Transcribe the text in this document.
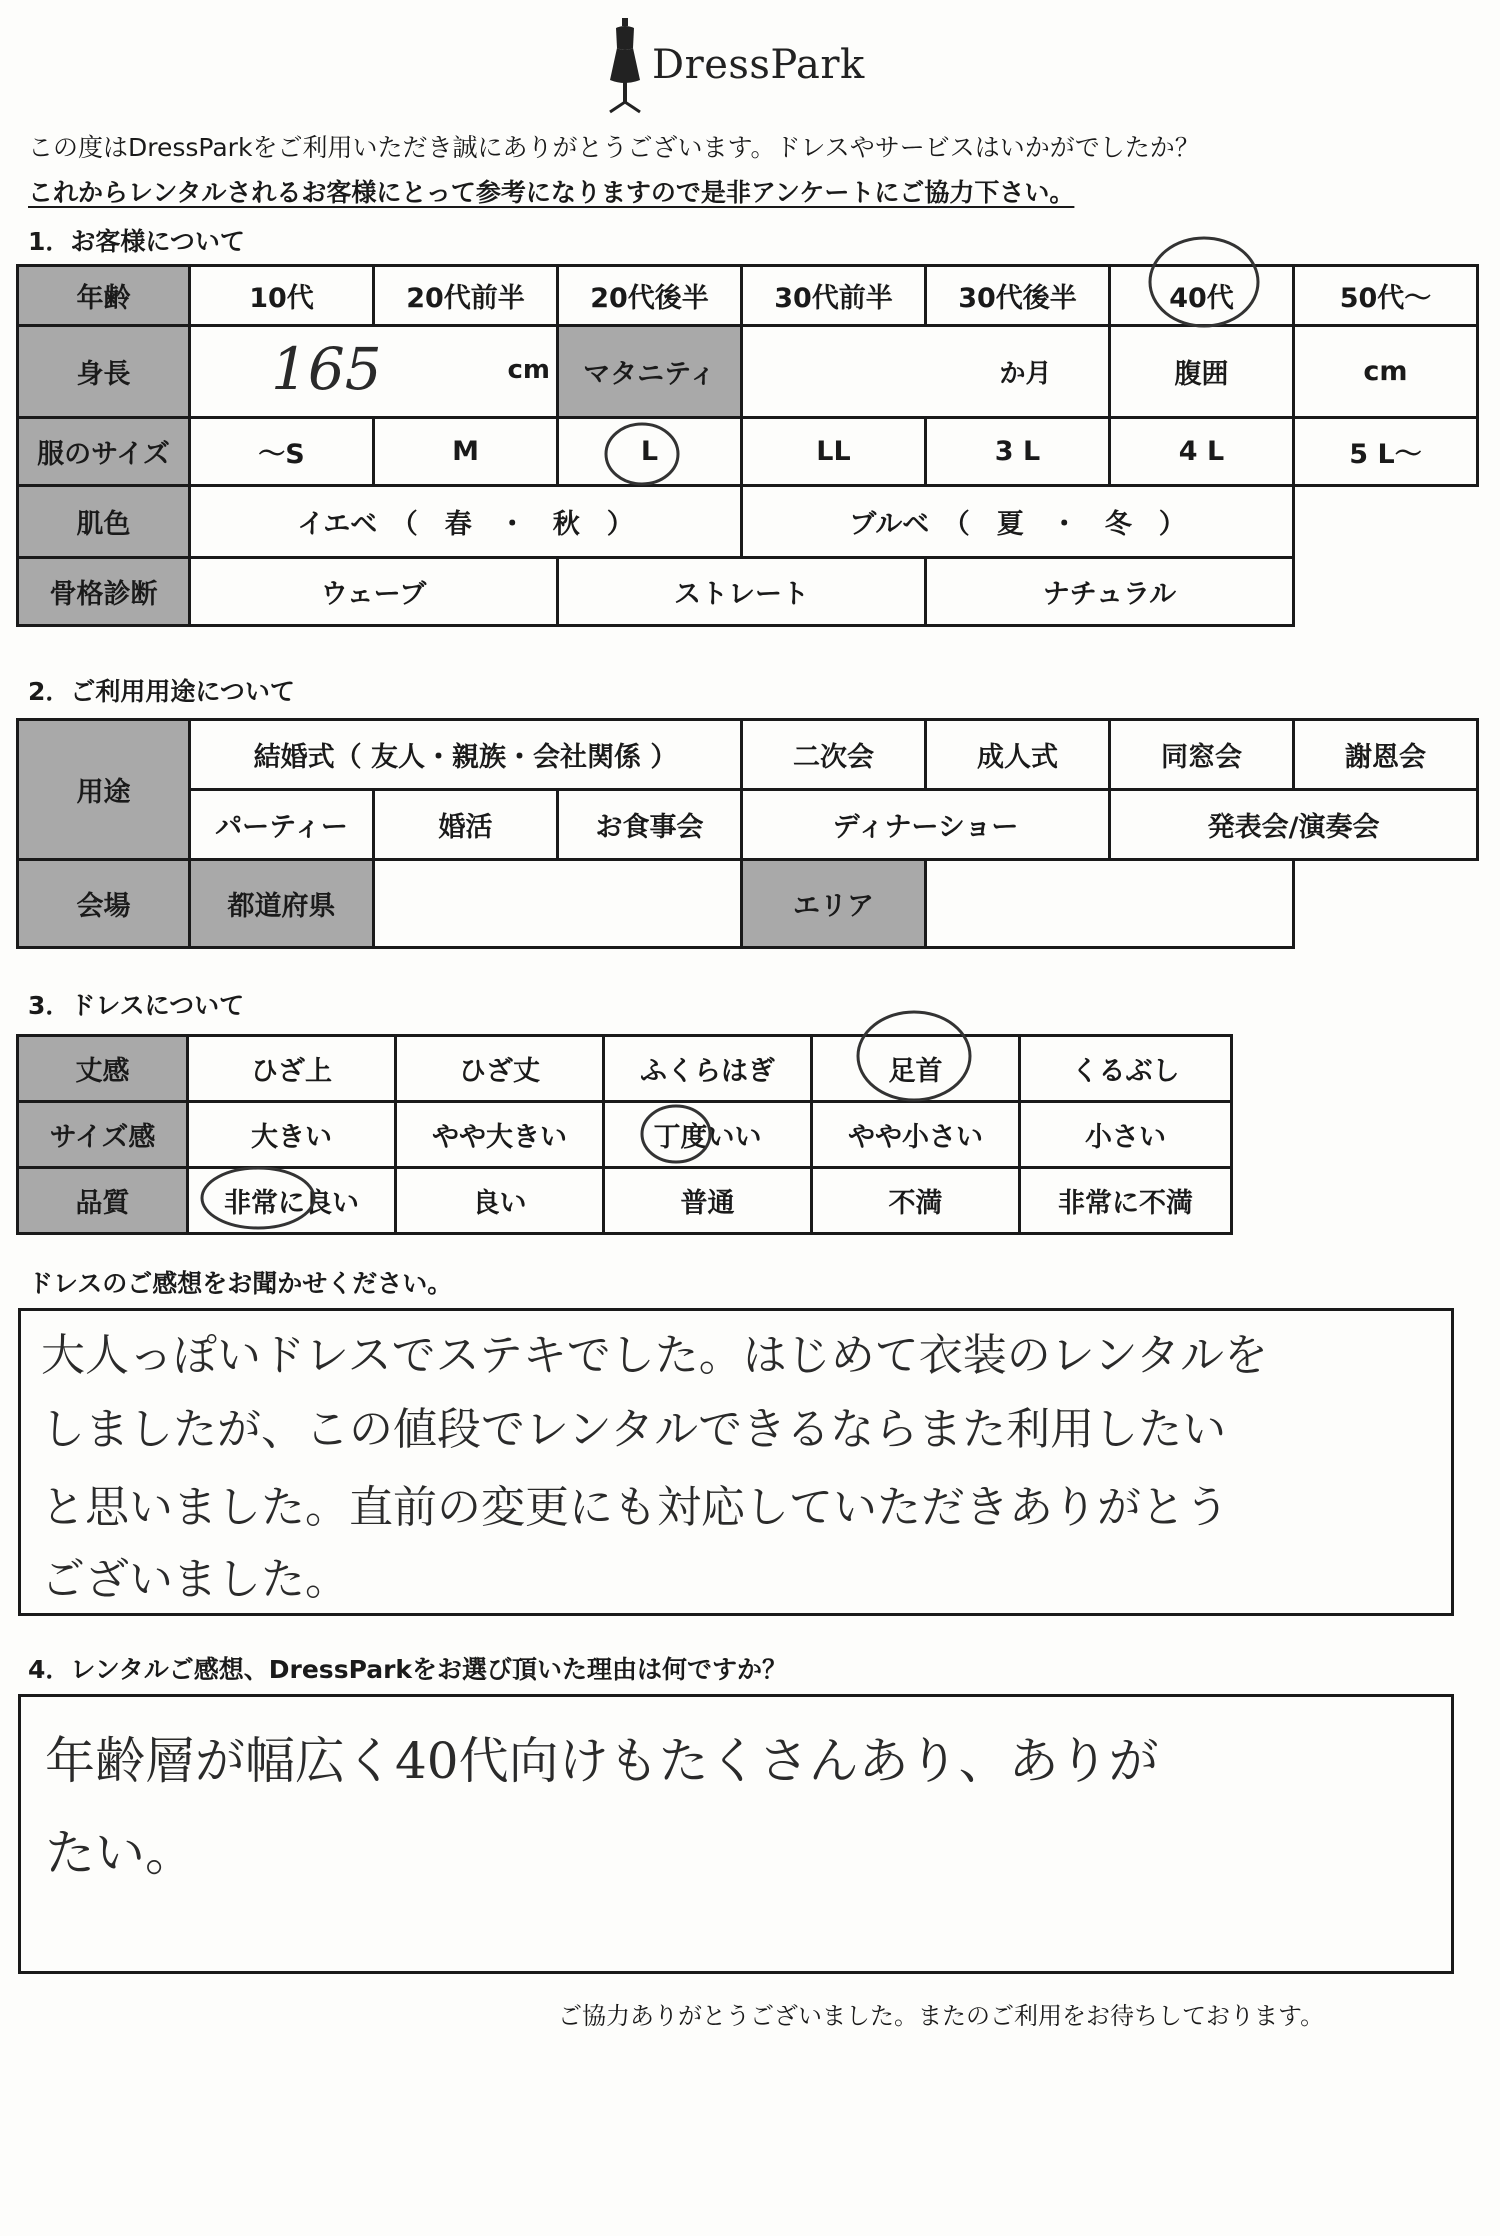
DressPark
この度はDressParkをご利用いただき誠にありがとうございます。ドレスやサービスはいかがでしたか？
これからレンタルされるお客様にとって参考になりますので是非アンケートにご協力下さい。
1．お客様について
年齢	10代	20代前半	20代後半	30代前半	30代後半	40代	50代〜
身長	165 cm		マタニティ	か月		腹囲	cm
服のサイズ	〜S	M	L	LL	3 L	4 L	5 L〜
肌色	イエベ　（　春　・　秋　）			ブルベ　（　夏　・　冬　）			
骨格診断	ウェーブ		ストレート		ナチュラル		
2．ご利用用途について
用途	結婚式（ 友人・親族・会社関係 ）			二次会	成人式	同窓会	謝恩会
	パーティー	婚活	お食事会	ディナーショー		発表会/演奏会	
会場	都道府県			エリア			
3．ドレスについて
丈感	ひざ上	ひざ丈	ふくらはぎ	足首	くるぶし
サイズ感	大きい	やや大きい	丁度いい	やや小さい	小さい
品質	非常に良い	良い	普通	不満	非常に不満
ドレスのご感想をお聞かせください。
大人っぽいドレスでステキでした。はじめて衣装のレンタルを
しましたが、この値段でレンタルできるならまた利用したい
と思いました。直前の変更にも対応していただきありがとう
ございました。
4．レンタルご感想、DressParkをお選び頂いた理由は何ですか？
年齢層が幅広く40代向けもたくさんあり、ありが
たい。
ご協力ありがとうございました。またのご利用をお待ちしております。
